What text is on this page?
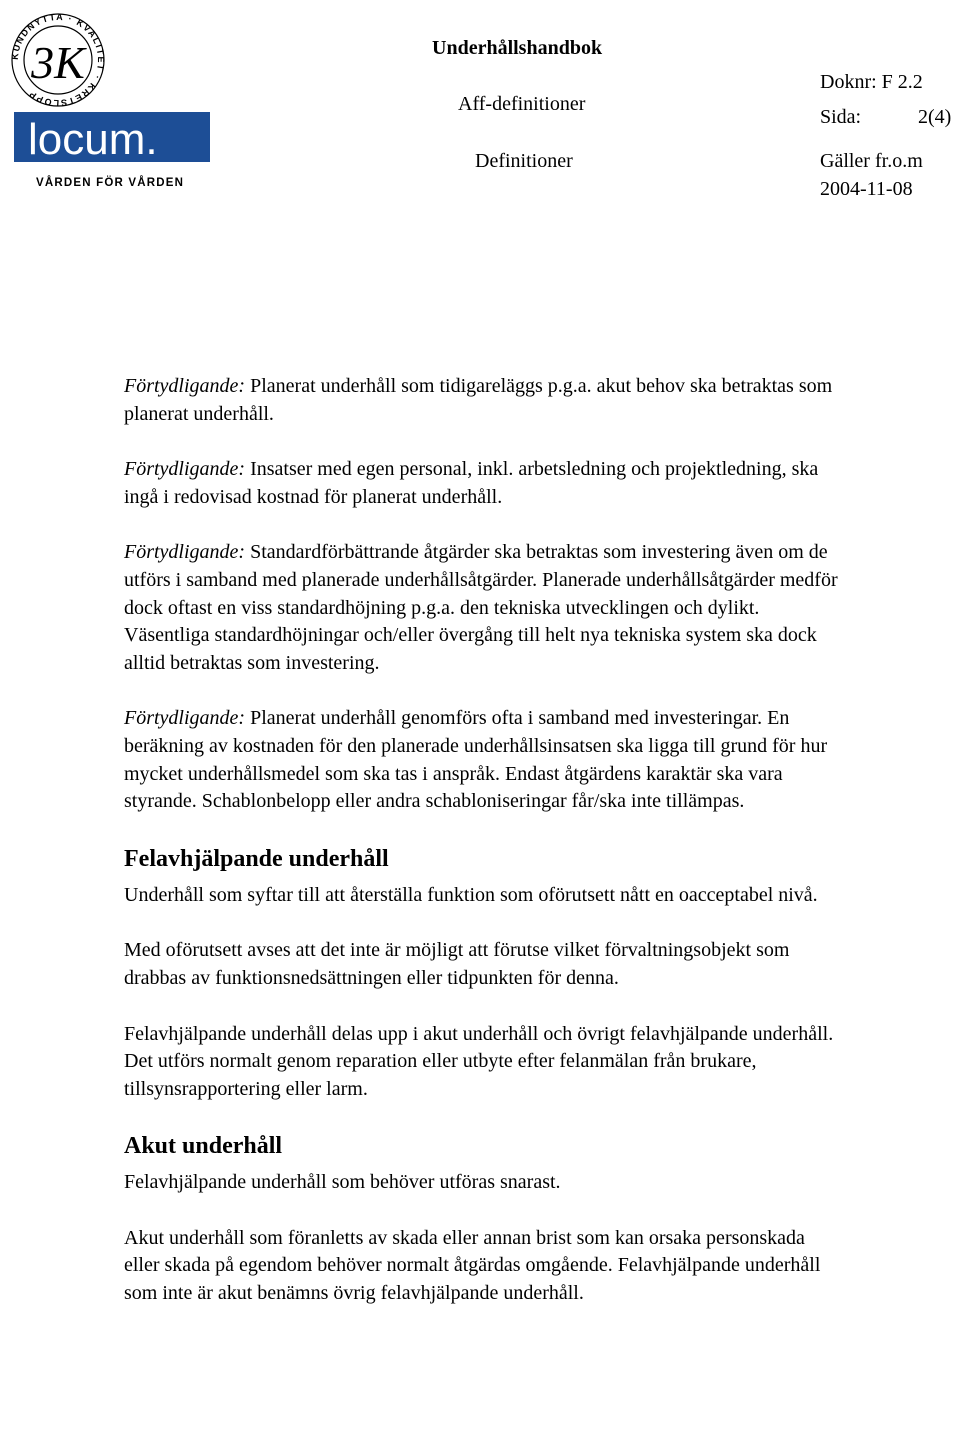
KUNDNYTTA · KVALITET · KRETSLOPP
3K
locum.
VÅRDEN FÖR VÅRDEN
Underhållshandbok
Aff-definitioner
Definitioner
Doknr: F 2.2
Sida:	2(4)
Gäller fr.o.m
2004-11-08

Förtydligande: Planerat underhåll som tidigareläggs p.g.a. akut behov ska betraktas som planerat underhåll.

Förtydligande: Insatser med egen personal, inkl. arbetsledning och projektledning, ska ingå i redovisad kostnad för planerat underhåll.

Förtydligande: Standardförbättrande åtgärder ska betraktas som investering även om de utförs i samband med planerade underhållsåtgärder. Planerade underhållsåtgärder medför dock oftast en viss standardhöjning p.g.a. den tekniska utvecklingen och dylikt. Väsentliga standardhöjningar och/eller övergång till helt nya tekniska system ska dock alltid betraktas som investering.

Förtydligande: Planerat underhåll genomförs ofta i samband med investeringar. En beräkning av kostnaden för den planerade underhållsinsatsen ska ligga till grund för hur mycket underhållsmedel som ska tas i anspråk. Endast åtgärdens karaktär ska vara styrande. Schablonbelopp eller andra schabloniseringar får/ska inte tillämpas.

Felavhjälpande underhåll

Underhåll som syftar till att återställa funktion som oförutsett nått en oacceptabel nivå.

Med oförutsett avses att det inte är möjligt att förutse vilket förvaltningsobjekt som drabbas av funktionsnedsättningen eller tidpunkten för denna.

Felavhjälpande underhåll delas upp i akut underhåll och övrigt felavhjälpande underhåll. Det utförs normalt genom reparation eller utbyte efter felanmälan från brukare, tillsynsrapportering eller larm.

Akut underhåll

Felavhjälpande underhåll som behöver utföras snarast.

Akut underhåll som föranletts av skada eller annan brist som kan orsaka personskada eller skada på egendom behöver normalt åtgärdas omgående. Felavhjälpande underhåll som inte är akut benämns övrig felavhjälpande underhåll.
